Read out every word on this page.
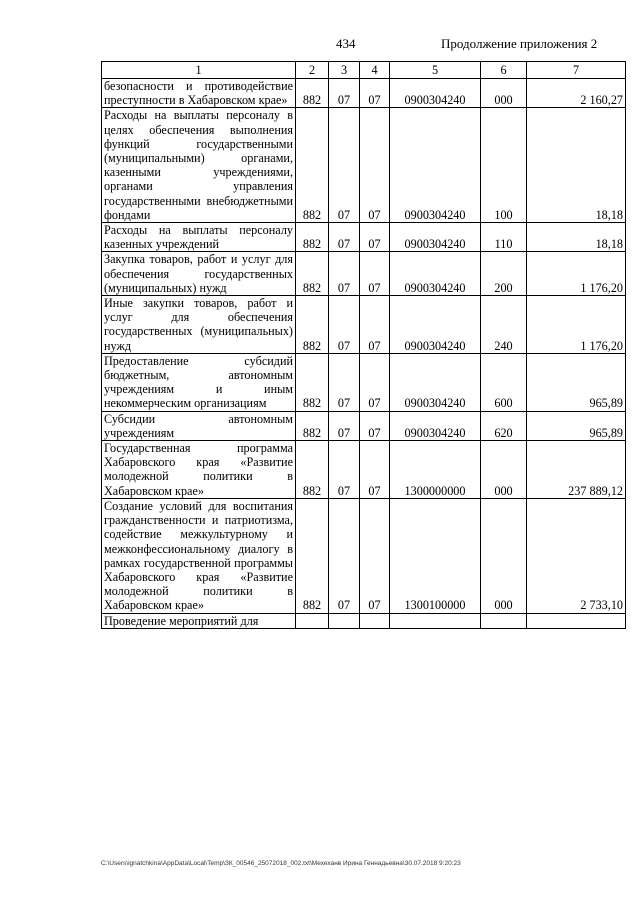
434	Продолжение приложения 2
1	2	3	4	5	6	7
безопасности и противодействие преступности в Хабаровском крае»	882	07	07	0900304240	000	2 160,27
Расходы на выплаты персоналу в целях обеспечения выполнения функций государственными (муниципальными) органами, казенными учреждениями, органами управления государственными внебюджетными фондами	882	07	07	0900304240	100	18,18
Расходы на выплаты персоналу казенных учреждений	882	07	07	0900304240	110	18,18
Закупка товаров, работ и услуг для обеспечения государственных (муниципальных) нужд	882	07	07	0900304240	200	1 176,20
Иные закупки товаров, работ и услуг для обеспечения государственных (муниципальных) нужд	882	07	07	0900304240	240	1 176,20
Предоставление субсидий бюджетным, автономным учреждениям и иным некоммерческим организациям	882	07	07	0900304240	600	965,89
Субсидии автономным учреждениям	882	07	07	0900304240	620	965,89
Государственная программа Хабаровского края «Развитие молодежной политики в Хабаровском крае»	882	07	07	1300000000	000	237 889,12
Создание условий для воспитания гражданственности и патриотизма, содействие межкультурному и межконфессиональному диалогу в рамках государственной программы Хабаровского края «Развитие молодежной политики в Хабаровском крае»	882	07	07	1300100000	000	2 733,10
Проведение мероприятий для						
C:\Users\ignatchkina\AppData\Local\Temp\ЗК_00546_25072018_002.txt\Мехеханв Ирина Геннадьевна\30.07.2018 9:20:23
